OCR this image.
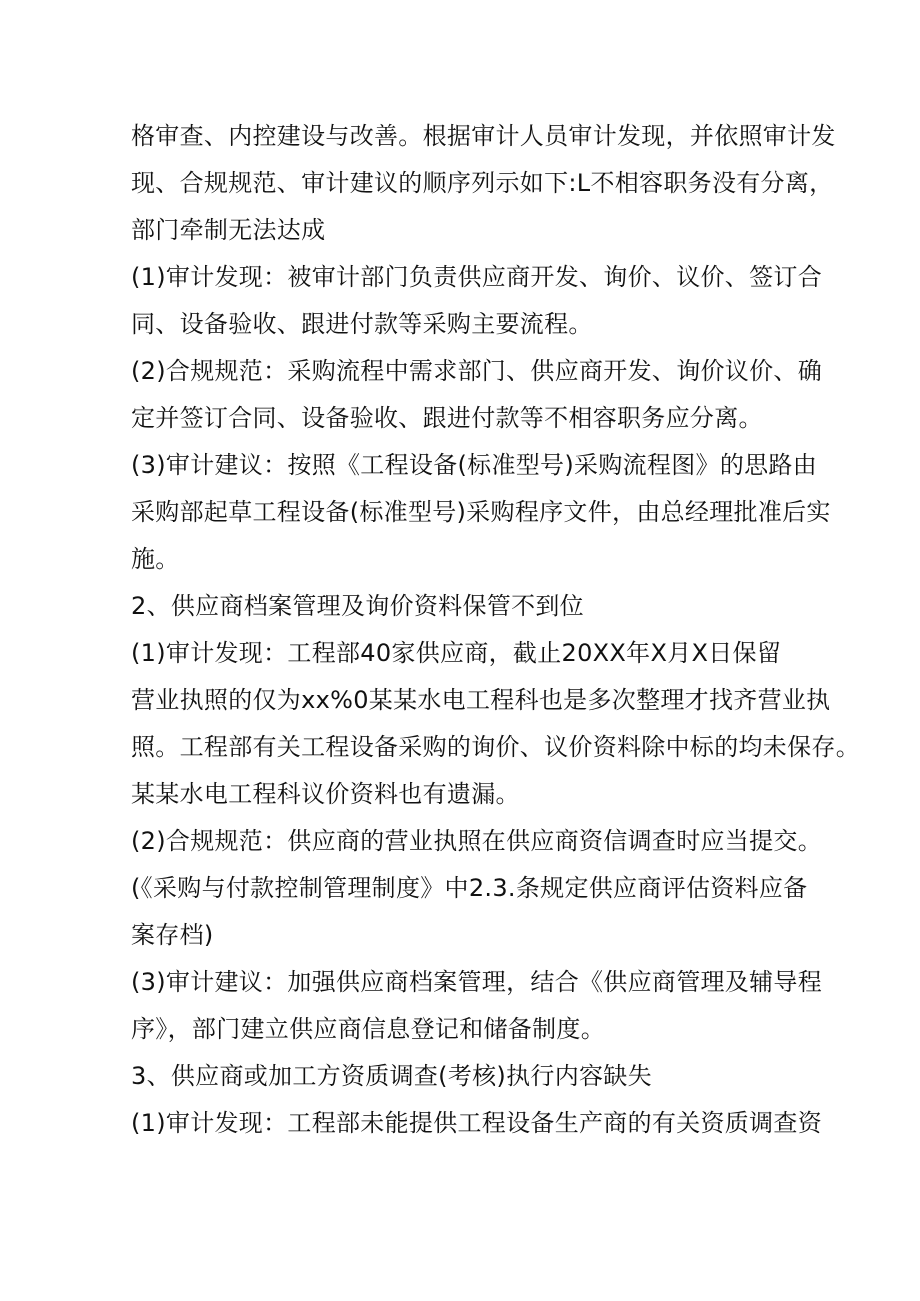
格审查、内控建设与改善。根据审计人员审计发现，并依照审计发
现、合规规范、审计建议的顺序列示如下:L不相容职务没有分离，
部门牵制无法达成
(1)审计发现：被审计部门负责供应商开发、询价、议价、签订合
同、设备验收、跟进付款等采购主要流程。
(2)合规规范：采购流程中需求部门、供应商开发、询价议价、确
定并签订合同、设备验收、跟进付款等不相容职务应分离。
(3)审计建议：按照《工程设备(标准型号)采购流程图》的思路由
采购部起草工程设备(标准型号)采购程序文件，由总经理批准后实
施。
2、供应商档案管理及询价资料保管不到位
(1)审计发现：工程部40家供应商，截止20XX年X月X日保留
营业执照的仅为xx%0某某水电工程科也是多次整理才找齐营业执
照。工程部有关工程设备采购的询价、议价资料除中标的均未保存。
某某水电工程科议价资料也有遗漏。
(2)合规规范：供应商的营业执照在供应商资信调查时应当提交。
(《采购与付款控制管理制度》中2.3.条规定供应商评估资料应备
案存档)
(3)审计建议：加强供应商档案管理，结合《供应商管理及辅导程
序》，部门建立供应商信息登记和储备制度。
3、供应商或加工方资质调查(考核)执行内容缺失
(1)审计发现：工程部未能提供工程设备生产商的有关资质调查资
